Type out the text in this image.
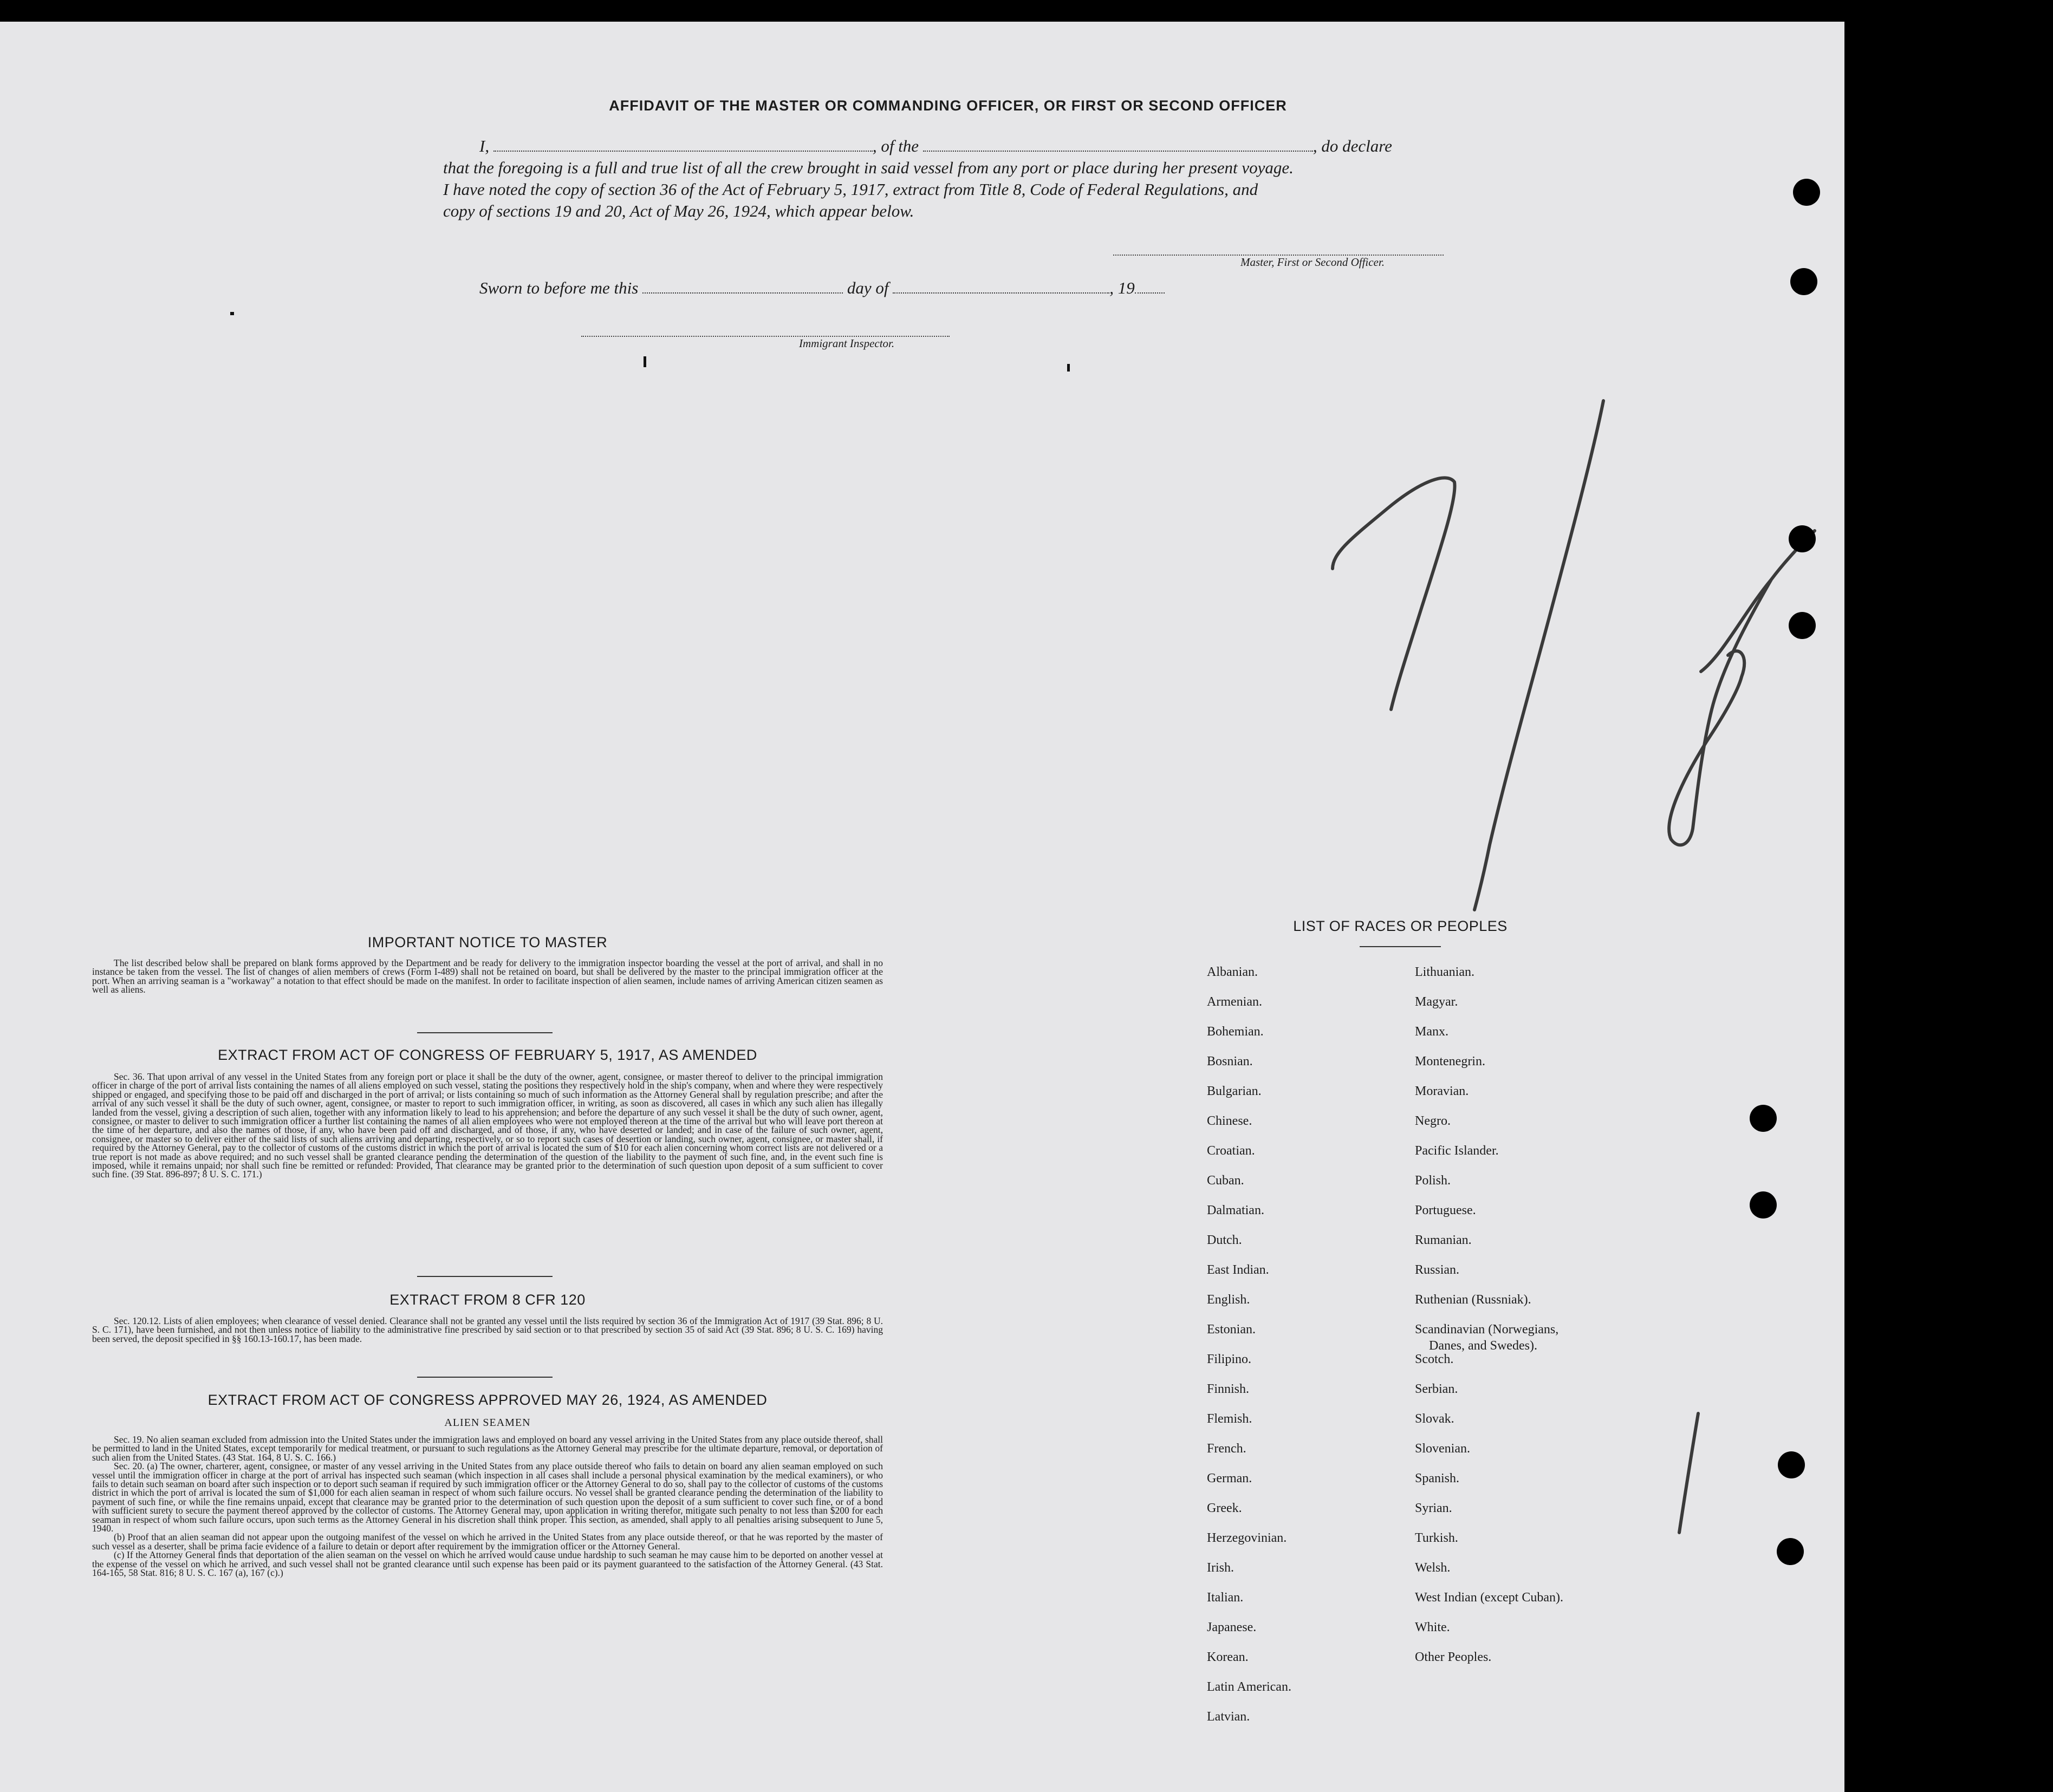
AFFIDAVIT OF THE MASTER OR COMMANDING OFFICER, OR FIRST OR SECOND OFFICER
I,	, of the	, do declare
that the foregoing is a full and true list of all the crew brought in said vessel from any port or place during her present voyage.
I have noted the copy of section 36 of the Act of February 5, 1917, extract from Title 8, Code of Federal Regulations, and
copy of sections 19 and 20, Act of May 26, 1924, which appear below.
Master, First or Second Officer.
Sworn to before me this	day of	, 19
Immigrant Inspector.
IMPORTANT NOTICE TO MASTER
The list described below shall be prepared on blank forms approved by the Department and be ready for delivery to the immigration inspector boarding the vessel at the port of arrival, and shall in no instance be taken from the vessel. The list of changes of alien members of crews (Form I-489) shall not be retained on board, but shall be delivered by the master to the principal immigration officer at the port. When an arriving seaman is a "workaway" a notation to that effect should be made on the manifest. In order to facilitate inspection of alien seamen, include names of arriving American citizen seamen as well as aliens.
EXTRACT FROM ACT OF CONGRESS OF FEBRUARY 5, 1917, AS AMENDED
Sec. 36. That upon arrival of any vessel in the United States from any foreign port or place it shall be the duty of the owner, agent, consignee, or master thereof to deliver to the principal immigration officer in charge of the port of arrival lists containing the names of all aliens employed on such vessel, stating the positions they respectively hold in the ship's company, when and where they were respectively shipped or engaged, and specifying those to be paid off and discharged in the port of arrival; or lists containing so much of such information as the Attorney General shall by regulation prescribe; and after the arrival of any such vessel it shall be the duty of such owner, agent, consignee, or master to report to such immigration officer, in writing, as soon as discovered, all cases in which any such alien has illegally landed from the vessel, giving a description of such alien, together with any information likely to lead to his apprehension; and before the departure of any such vessel it shall be the duty of such owner, agent, consignee, or master to deliver to such immigration officer a further list containing the names of all alien employees who were not employed thereon at the time of the arrival but who will leave port thereon at the time of her departure, and also the names of those, if any, who have been paid off and discharged, and of those, if any, who have deserted or landed; and in case of the failure of such owner, agent, consignee, or master so to deliver either of the said lists of such aliens arriving and departing, respectively, or so to report such cases of desertion or landing, such owner, agent, consignee, or master shall, if required by the Attorney General, pay to the collector of customs of the customs district in which the port of arrival is located the sum of $10 for each alien concerning whom correct lists are not delivered or a true report is not made as above required; and no such vessel shall be granted clearance pending the determination of the question of the liability to the payment of such fine, and, in the event such fine is imposed, while it remains unpaid; nor shall such fine be remitted or refunded: Provided, That clearance may be granted prior to the determination of such question upon deposit of a sum sufficient to cover such fine. (39 Stat. 896-897; 8 U. S. C. 171.)
EXTRACT FROM 8 CFR 120
Sec. 120.12. Lists of alien employees; when clearance of vessel denied. Clearance shall not be granted any vessel until the lists required by section 36 of the Immigration Act of 1917 (39 Stat. 896; 8 U. S. C. 171), have been furnished, and not then unless notice of liability to the administrative fine prescribed by said section or to that prescribed by section 35 of said Act (39 Stat. 896; 8 U. S. C. 169) having been served, the deposit specified in §§ 160.13-160.17, has been made.
EXTRACT FROM ACT OF CONGRESS APPROVED MAY 26, 1924, AS AMENDED
ALIEN SEAMEN
Sec. 19. No alien seaman excluded from admission into the United States under the immigration laws and employed on board any vessel arriving in the United States from any place outside thereof, shall be permitted to land in the United States, except temporarily for medical treatment, or pursuant to such regulations as the Attorney General may prescribe for the ultimate departure, removal, or deportation of such alien from the United States. (43 Stat. 164, 8 U. S. C. 166.)
Sec. 20. (a) The owner, charterer, agent, consignee, or master of any vessel arriving in the United States from any place outside thereof who fails to detain on board any alien seaman employed on such vessel until the immigration officer in charge at the port of arrival has inspected such seaman (which inspection in all cases shall include a personal physical examination by the medical examiners), or who fails to detain such seaman on board after such inspection or to deport such seaman if required by such immigration officer or the Attorney General to do so, shall pay to the collector of customs of the customs district in which the port of arrival is located the sum of $1,000 for each alien seaman in respect of whom such failure occurs. No vessel shall be granted clearance pending the determination of the liability to payment of such fine, or while the fine remains unpaid, except that clearance may be granted prior to the determination of such question upon the deposit of a sum sufficient to cover such fine, or of a bond with sufficient surety to secure the payment thereof approved by the collector of customs. The Attorney General may, upon application in writing therefor, mitigate such penalty to not less than $200 for each seaman in respect of whom such failure occurs, upon such terms as the Attorney General in his discretion shall think proper. This section, as amended, shall apply to all penalties arising subsequent to June 5, 1940.
(b) Proof that an alien seaman did not appear upon the outgoing manifest of the vessel on which he arrived in the United States from any place outside thereof, or that he was reported by the master of such vessel as a deserter, shall be prima facie evidence of a failure to detain or deport after requirement by the immigration officer or the Attorney General.
(c) If the Attorney General finds that deportation of the alien seaman on the vessel on which he arrived would cause undue hardship to such seaman he may cause him to be deported on another vessel at the expense of the vessel on which he arrived, and such vessel shall not be granted clearance until such expense has been paid or its payment guaranteed to the satisfaction of the Attorney General. (43 Stat. 164-165, 58 Stat. 816; 8 U. S. C. 167 (a), 167 (c).)
LIST OF RACES OR PEOPLES
Albanian.
Armenian.
Bohemian.
Bosnian.
Bulgarian.
Chinese.
Croatian.
Cuban.
Dalmatian.
Dutch.
East Indian.
English.
Estonian.
Filipino.
Finnish.
Flemish.
French.
German.
Greek.
Herzegovinian.
Irish.
Italian.
Japanese.
Korean.
Latin American.
Latvian.
Lithuanian.
Magyar.
Manx.
Montenegrin.
Moravian.
Negro.
Pacific Islander.
Polish.
Portuguese.
Rumanian.
Russian.
Ruthenian (Russniak).
Scandinavian (Norwegians,
Danes, and Swedes).
Scotch.
Serbian.
Slovak.
Slovenian.
Spanish.
Syrian.
Turkish.
Welsh.
West Indian (except Cuban).
White.
Other Peoples.
